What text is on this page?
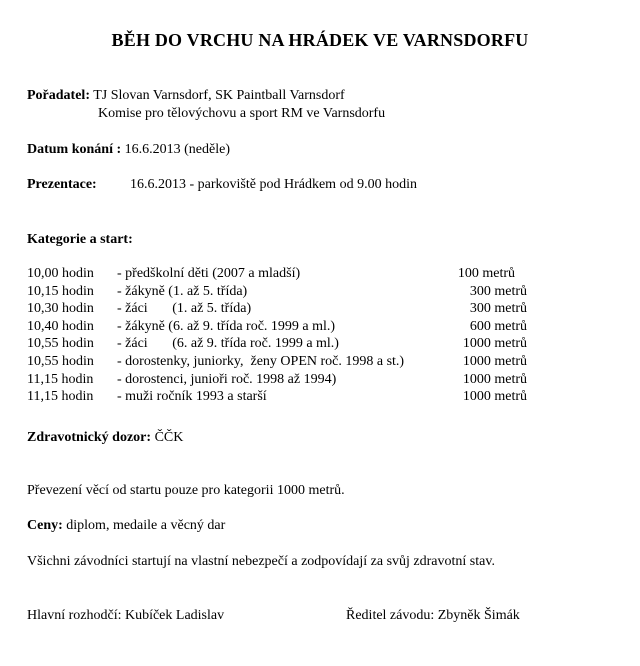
BĚH DO VRCHU NA HRÁDEK VE VARNSDORFU
Pořadatel: TJ Slovan Varnsdorf, SK Paintball Varnsdorf
Komise pro tělovýchovu a sport RM ve Varnsdorfu
Datum konání : 16.6.2013 (neděle)
Prezentace: 16.6.2013 - parkoviště pod Hrádkem od 9.00 hodin
Kategorie a start:
10,00 hodin - předškolní děti (2007 a mladší)	100 metrů
10,15 hodin - žákyně (1. až 5. třída)	300 metrů
10,30 hodin - žáci       (1. až 5. třída)	300 metrů
10,40 hodin - žákyně (6. až 9. třída roč. 1999 a ml.)	600 metrů
10,55 hodin - žáci       (6. až 9. třída roč. 1999 a ml.)	1000 metrů
10,55 hodin - dorostenky, juniorky,  ženy OPEN roč. 1998 a st.)	1000 metrů
11,15 hodin - dorostenci, junioři roč. 1998 až 1994)	1000 metrů
11,15 hodin - muži ročník 1993 a starší	1000 metrů
Zdravotnický dozor: ČČK
Převezení věcí od startu pouze pro kategorii 1000 metrů.
Ceny: diplom, medaile a věcný dar
Všichni závodníci startují na vlastní nebezpečí a zodpovídají za svůj zdravotní stav.
Hlavní rozhodčí: Kubíček Ladislav	Ředitel závodu: Zbyněk Šimák
